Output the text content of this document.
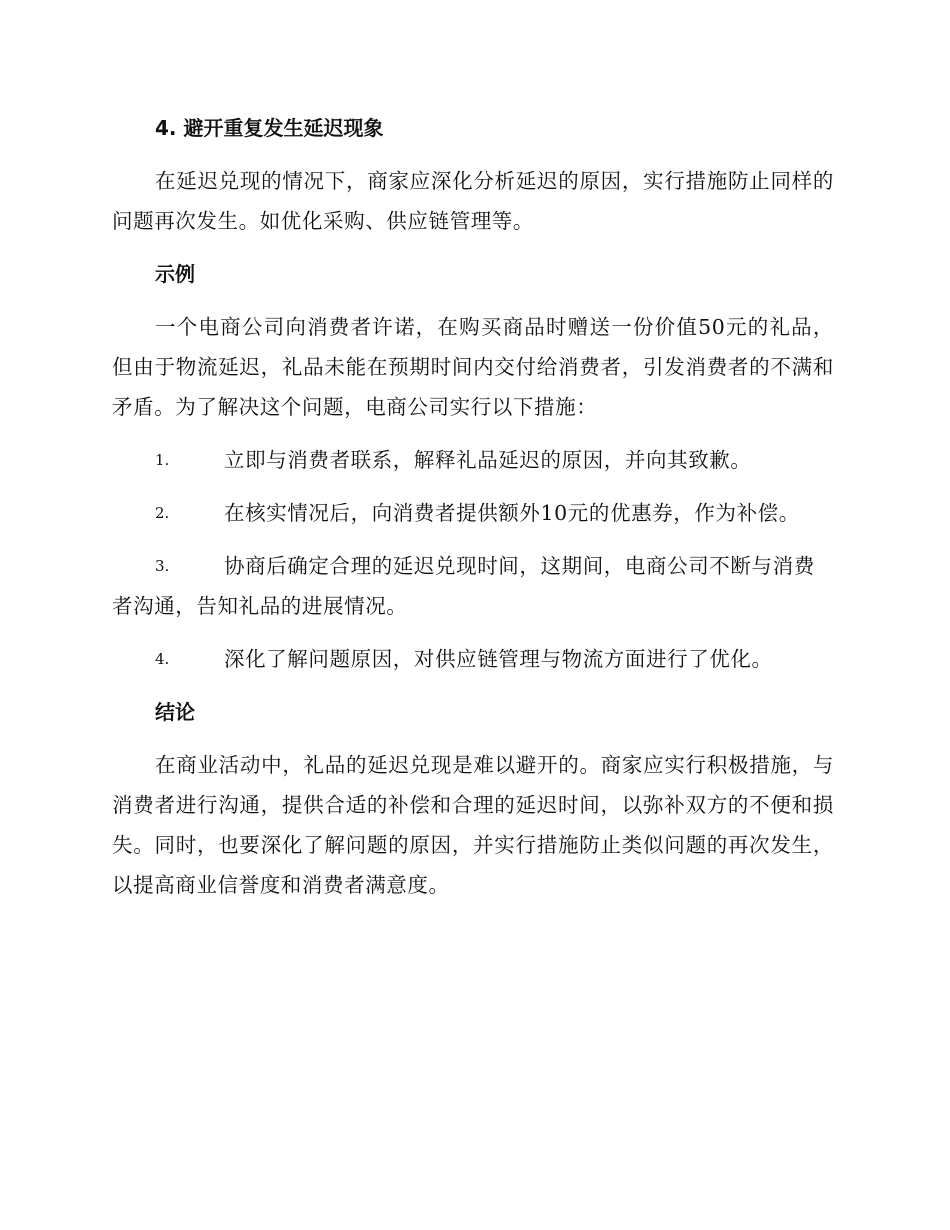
4. 避开重复发生延迟现象

在延迟兑现的情况下，商家应深化分析延迟的原因，实行措施防止同样的问题再次发生。如优化采购、供应链管理等。

示例

一个电商公司向消费者许诺，在购买商品时赠送一份价值50元的礼品，但由于物流延迟，礼品未能在预期时间内交付给消费者，引发消费者的不满和矛盾。为了解决这个问题，电商公司实行以下措施：

1.	立即与消费者联系，解释礼品延迟的原因，并向其致歉。
2.	在核实情况后，向消费者提供额外10元的优惠券，作为补偿。
3.	协商后确定合理的延迟兑现时间，这期间，电商公司不断与消费者沟通，告知礼品的进展情况。
4.	深化了解问题原因，对供应链管理与物流方面进行了优化。
结论

在商业活动中，礼品的延迟兑现是难以避开的。商家应实行积极措施，与消费者进行沟通，提供合适的补偿和合理的延迟时间，以弥补双方的不便和损失。同时，也要深化了解问题的原因，并实行措施防止类似问题的再次发生，以提高商业信誉度和消费者满意度。
